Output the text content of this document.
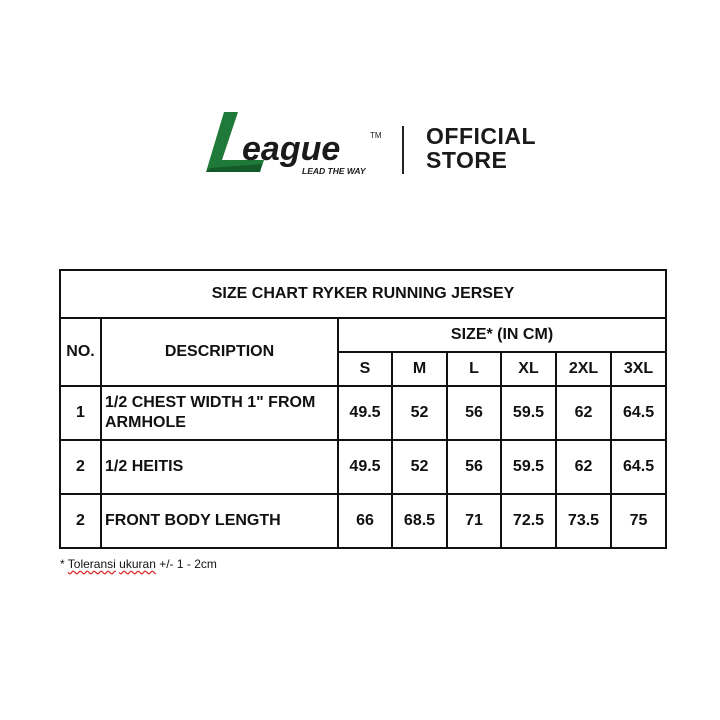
eague	TM
LEAD THE WAY
OFFICIAL
STORE
SIZE CHART RYKER RUNNING JERSEY							
NO.	DESCRIPTION	SIZE* (IN CM)					
		S	M	L	XL	2XL	3XL
1	1/2 CHEST WIDTH 1" FROM ARMHOLE	49.5	52	56	59.5	62	64.5
2	1/2 HEITIS	49.5	52	56	59.5	62	64.5
2	FRONT BODY LENGTH	66	68.5	71	72.5	73.5	75
* Toleransi ukuran +/- 1 - 2cm
